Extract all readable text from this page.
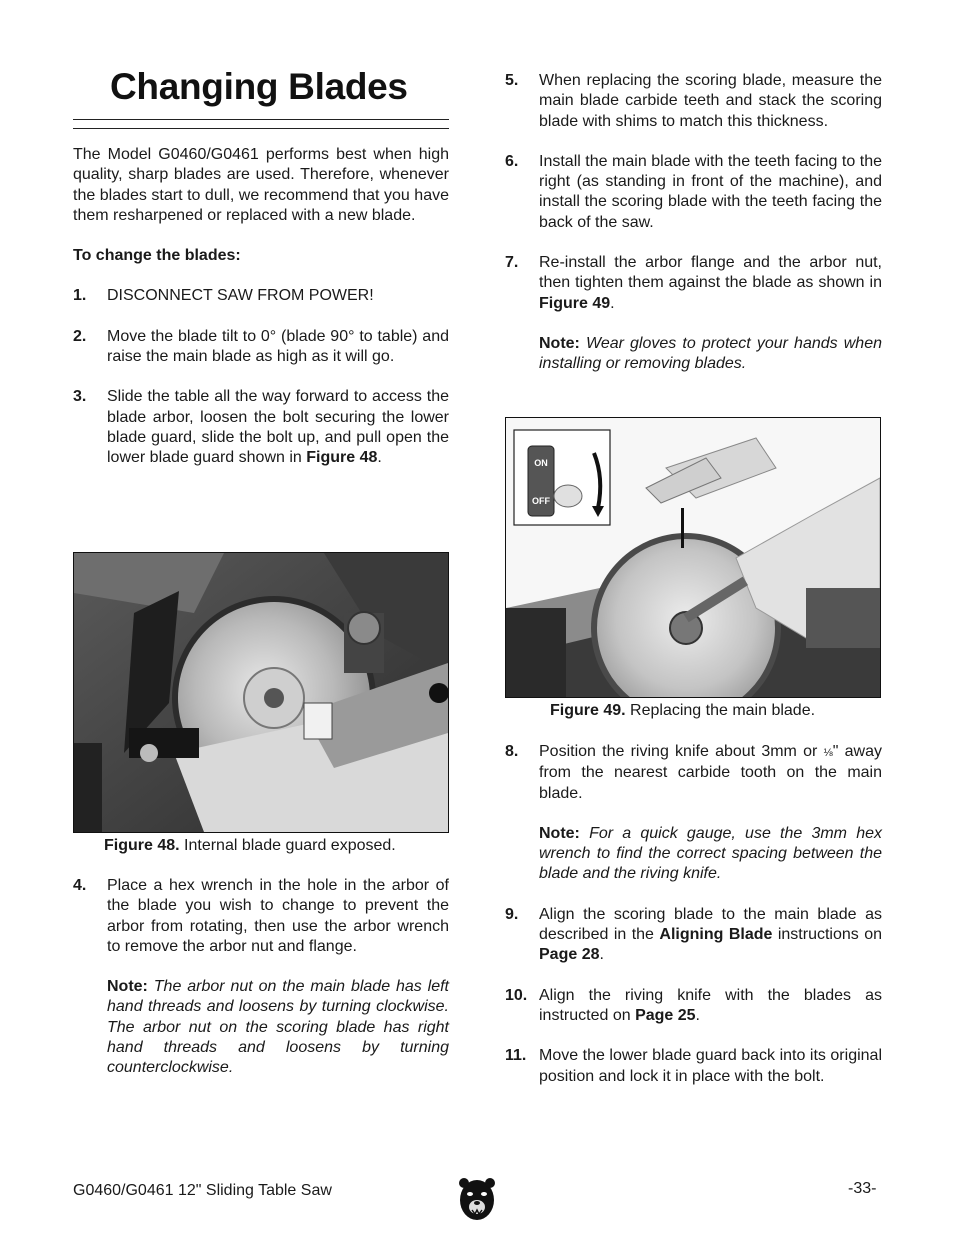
Changing Blades

The Model G0460/G0461 performs best when high quality, sharp blades are used. Therefore, whenever the blades start to dull, we recommend that you have them resharpened or replaced with a new blade.

To change the blades:

1.	DISCONNECT SAW FROM POWER!
2.	Move the blade tilt to 0° (blade 90° to table) and raise the main blade as high as it will go.
3.	Slide the table all the way forward to access the blade arbor, loosen the bolt securing the lower blade guard, slide the bolt up, and pull open the lower blade guard shown in Figure 48.
Figure 48. Internal blade guard exposed.
4.	Place a hex wrench in the hole in the arbor of the blade you wish to change to prevent the arbor from rotating, then use the arbor wrench to remove the arbor nut and flange.
Note: The arbor nut on the main blade has left hand threads and loosens by turning clockwise. The arbor nut on the scoring blade has right hand threads and loosens by turning counterclockwise.
5.	When replacing the scoring blade, measure the main blade carbide teeth and stack the scoring blade with shims to match this thickness.
6.	Install the main blade with the teeth facing to the right (as standing in front of the machine), and install the scoring blade with the teeth facing the back of the saw.
7.	Re-install the arbor flange and the arbor nut, then tighten them against the blade as shown in Figure 49.
Note: Wear gloves to protect your hands when installing or removing blades.
ON
OFF
Figure 49. Replacing the main blade.
8.	Position the riving knife about 3mm or ⅛" away from the nearest carbide tooth on the main blade.
Note: For a quick gauge, use the 3mm hex wrench to find the correct spacing between the blade and the riving knife.
9.	Align the scoring blade to the main blade as described in the Aligning Blade instructions on Page 28.
10. Align the riving knife with the blades as instructed on Page 25.
11. Move the lower blade guard back into its original position and lock it in place with the bolt.
G0460/G0461 12" Sliding Table Saw	-33-
